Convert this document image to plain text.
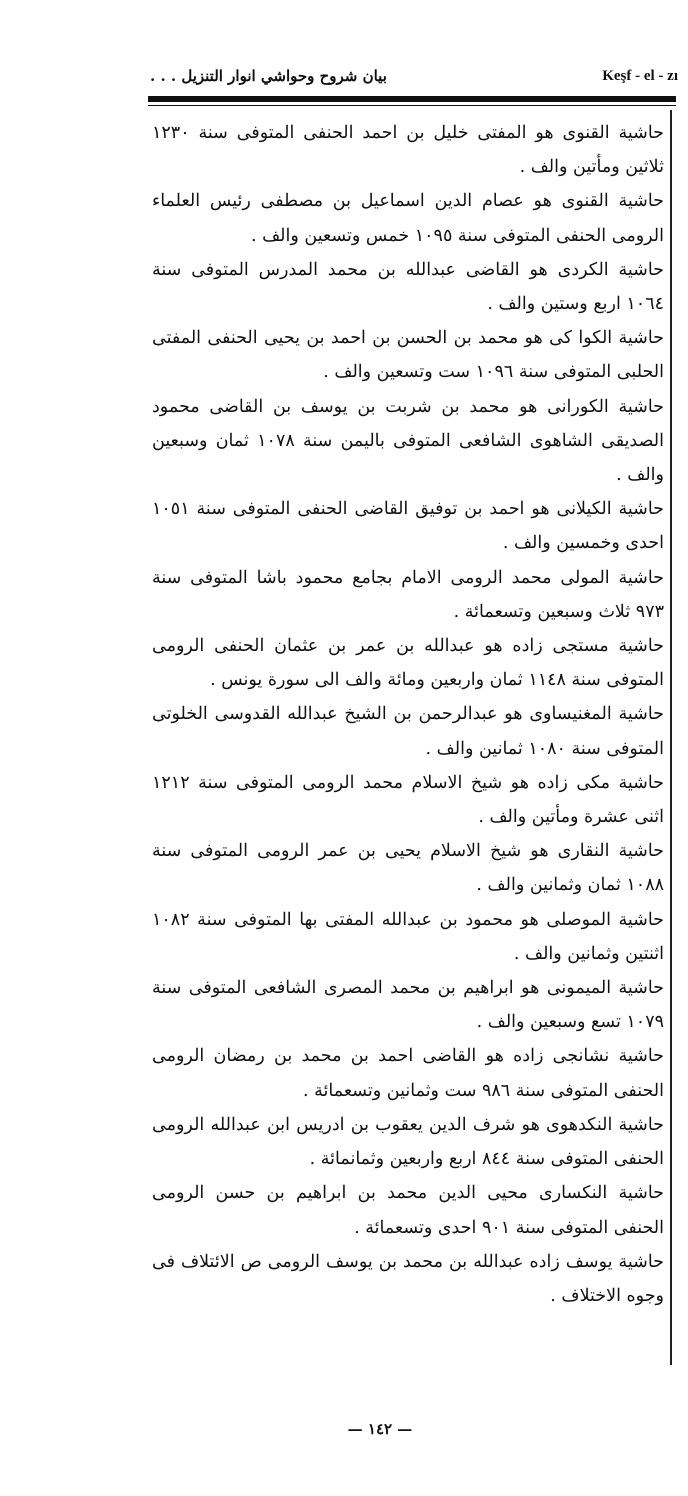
بيان شروح وحواشي انوار التنزيل . . .	Keşf - el - zı

حاشية القنوى هو المفتى خليل بن احمد الحنفى المتوفى سنة ١٢٣٠ ثلاثين ومأتين والف .

حاشية القنوى هو عصام الدين اسماعيل بن مصطفى رئيس العلماء الرومى الحنفى المتوفى سنة ١٠٩٥ خمس وتسعين والف .

حاشية الكردى هو القاضى عبدالله بن محمد المدرس المتوفى سنة ١٠٦٤ اربع وستين والف .

حاشية الكوا كى هو محمد بن الحسن بن احمد بن يحيى الحنفى المفتى الحلبى المتوفى سنة ١٠٩٦ ست وتسعين والف .

حاشية الكورانى هو محمد بن شربت بن يوسف بن القاضى محمود الصديقى الشاهوى الشافعى المتوفى باليمن سنة ١٠٧٨ ثمان وسبعين والف .

حاشية الكيلانى هو احمد بن توفيق القاضى الحنفى المتوفى سنة ١٠٥١ احدى وخمسين والف .

حاشية المولى محمد الرومى الامام بجامع محمود باشا المتوفى سنة ٩٧٣ ثلاث وسبعين وتسعمائة .

حاشية مستجى زاده هو عبدالله بن عمر بن عثمان الحنفى الرومى المتوفى سنة ١١٤٨ ثمان واربعين ومائة والف الى سورة يونس .

حاشية المغنيساوى هو عبدالرحمن بن الشيخ عبدالله القدوسى الخلوتى المتوفى سنة ١٠٨٠ ثمانين والف .

حاشية مكى زاده هو شيخ الاسلام محمد الرومى المتوفى سنة ١٢١٢ اثنى عشرة ومأتين والف .

حاشية النقارى هو شيخ الاسلام يحيى بن عمر الرومى المتوفى سنة ١٠٨٨ ثمان وثمانين والف .

حاشية الموصلى هو محمود بن عبدالله المفتى بها المتوفى سنة ١٠٨٢ اثنتين وثمانين والف .

حاشية الميمونى هو ابراهيم بن محمد المصرى الشافعى المتوفى سنة ١٠٧٩ تسع وسبعين والف .

حاشية نشانجى زاده هو القاضى احمد بن محمد بن رمضان الرومى الحنفى المتوفى سنة ٩٨٦ ست وثمانين وتسعمائة .

حاشية النكدهوى هو شرف الدين يعقوب بن ادريس ابن عبدالله الرومى الحنفى المتوفى سنة ٨٤٤ اربع واربعين وثمانمائة .

حاشية النكسارى محيى الدين محمد بن ابراهيم بن حسن الرومى الحنفى المتوفى سنة ٩٠١ احدى وتسعمائة .

حاشية يوسف زاده عبدالله بن محمد بن يوسف الرومى ص الائتلاف فى وجوه الاختلاف .

— ١٤٢ —
